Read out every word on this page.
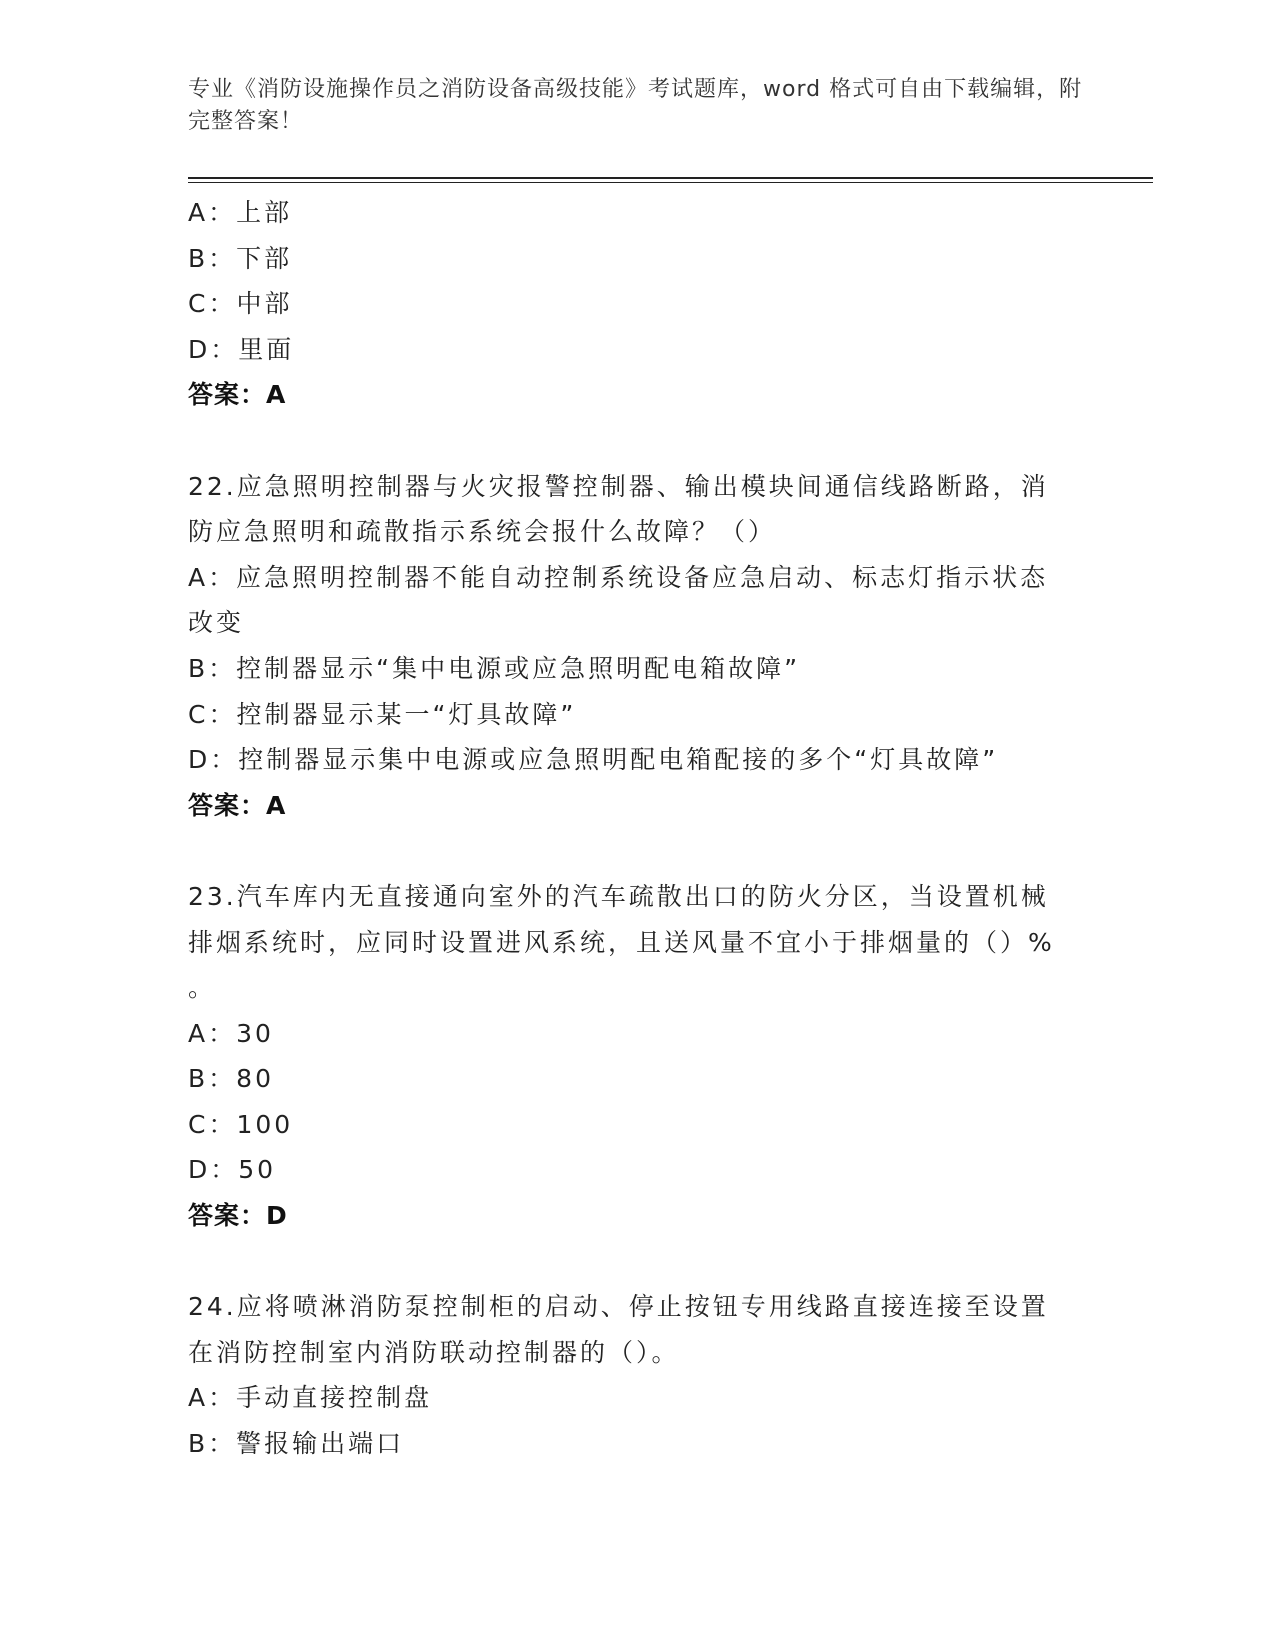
专业《消防设施操作员之消防设备高级技能》考试题库，word 格式可自由下载编辑，附完整答案！
A：上部
B：下部
C：中部
D：里面
答案：A
22.应急照明控制器与火灾报警控制器、输出模块间通信线路断路，消
防应急照明和疏散指示系统会报什么故障？（）
A：应急照明控制器不能自动控制系统设备应急启动、标志灯指示状态
改变
B：控制器显示“集中电源或应急照明配电箱故障”
C：控制器显示某一“灯具故障”
D：控制器显示集中电源或应急照明配电箱配接的多个“灯具故障”
答案：A
23.汽车库内无直接通向室外的汽车疏散出口的防火分区，当设置机械
排烟系统时，应同时设置进风系统，且送风量不宜小于排烟量的（）%
。
A：30
B：80
C：100
D：50
答案：D
24.应将喷淋消防泵控制柜的启动、停止按钮专用线路直接连接至设置
在消防控制室内消防联动控制器的（）。
A：手动直接控制盘
B：警报输出端口
